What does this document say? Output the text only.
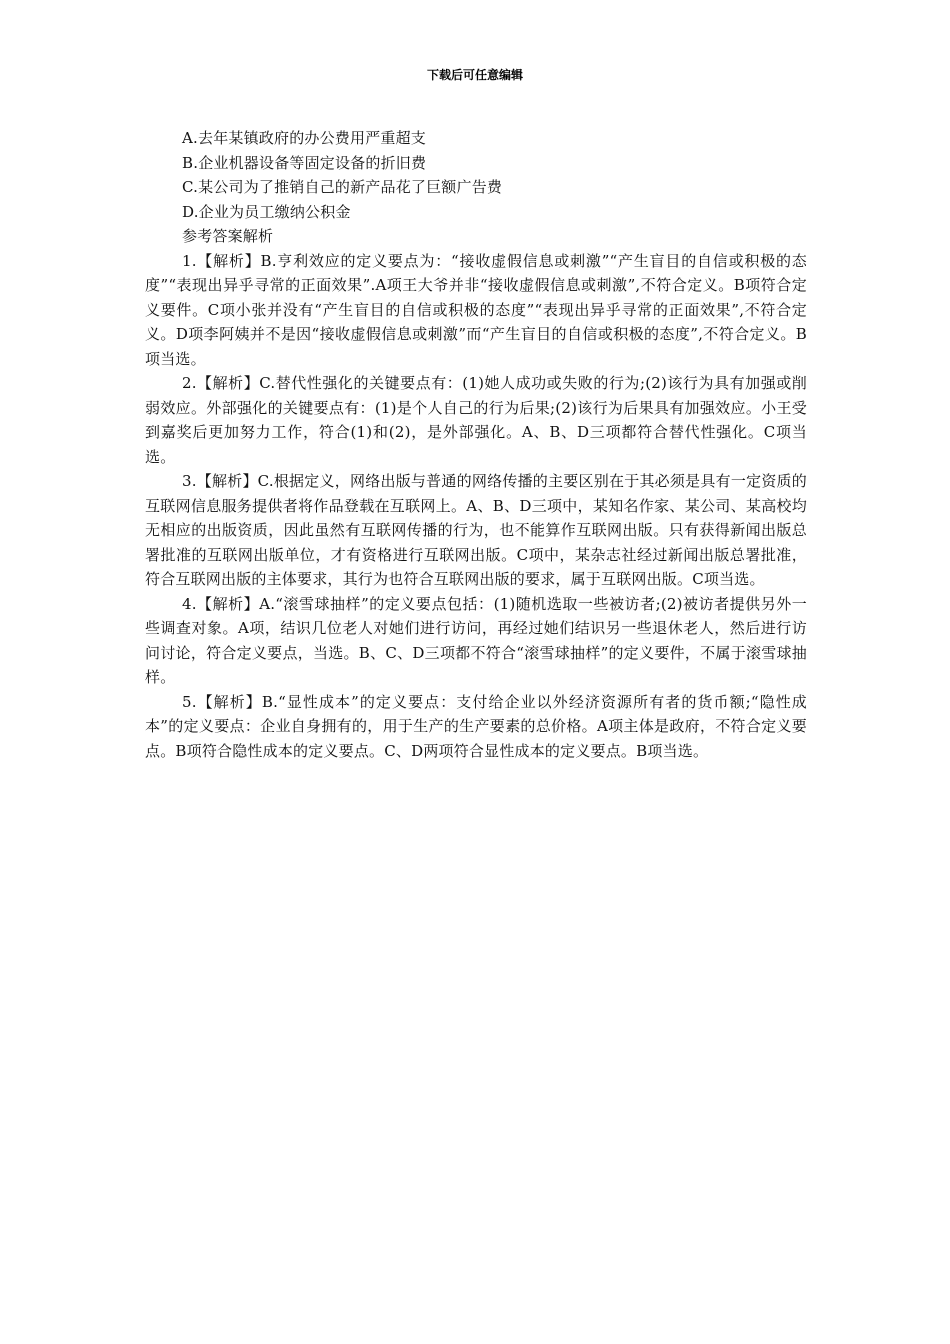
下载后可任意编辑

A.去年某镇政府的办公费用严重超支

B.企业机器设备等固定设备的折旧费

C.某公司为了推销自己的新产品花了巨额广告费

D.企业为员工缴纳公积金

参考答案解析

1.【解析】B.亨利效应的定义要点为：“接收虚假信息或刺激”“产生盲目的自信或积极的态度”“表现出异乎寻常的正面效果”.A项王大爷并非“接收虚假信息或刺激”,不符合定义。B项符合定义要件。C项小张并没有“产生盲目的自信或积极的态度”“表现出异乎寻常的正面效果”,不符合定义。D项李阿姨并不是因“接收虚假信息或刺激”而“产生盲目的自信或积极的态度”,不符合定义。B项当选。

2.【解析】C.替代性强化的关键要点有：(1)她人成功或失败的行为;(2)该行为具有加强或削弱效应。外部强化的关键要点有：(1)是个人自己的行为后果;(2)该行为后果具有加强效应。小王受到嘉奖后更加努力工作，符合(1)和(2)，是外部强化。A、B、D三项都符合替代性强化。C项当选。

3.【解析】C.根据定义，网络出版与普通的网络传播的主要区别在于其必须是具有一定资质的互联网信息服务提供者将作品登载在互联网上。A、B、D三项中，某知名作家、某公司、某高校均无相应的出版资质，因此虽然有互联网传播的行为，也不能算作互联网出版。只有获得新闻出版总署批准的互联网出版单位，才有资格进行互联网出版。C项中，某杂志社经过新闻出版总署批准，符合互联网出版的主体要求，其行为也符合互联网出版的要求，属于互联网出版。C项当选。

4.【解析】A.“滚雪球抽样”的定义要点包括：(1)随机选取一些被访者;(2)被访者提供另外一些调查对象。A项，结识几位老人对她们进行访问，再经过她们结识另一些退休老人，然后进行访问讨论，符合定义要点，当选。B、C、D三项都不符合“滚雪球抽样”的定义要件，不属于滚雪球抽样。

5.【解析】B.“显性成本”的定义要点：支付给企业以外经济资源所有者的货币额;“隐性成本”的定义要点：企业自身拥有的，用于生产的生产要素的总价格。A项主体是政府，不符合定义要点。B项符合隐性成本的定义要点。C、D两项符合显性成本的定义要点。B项当选。
